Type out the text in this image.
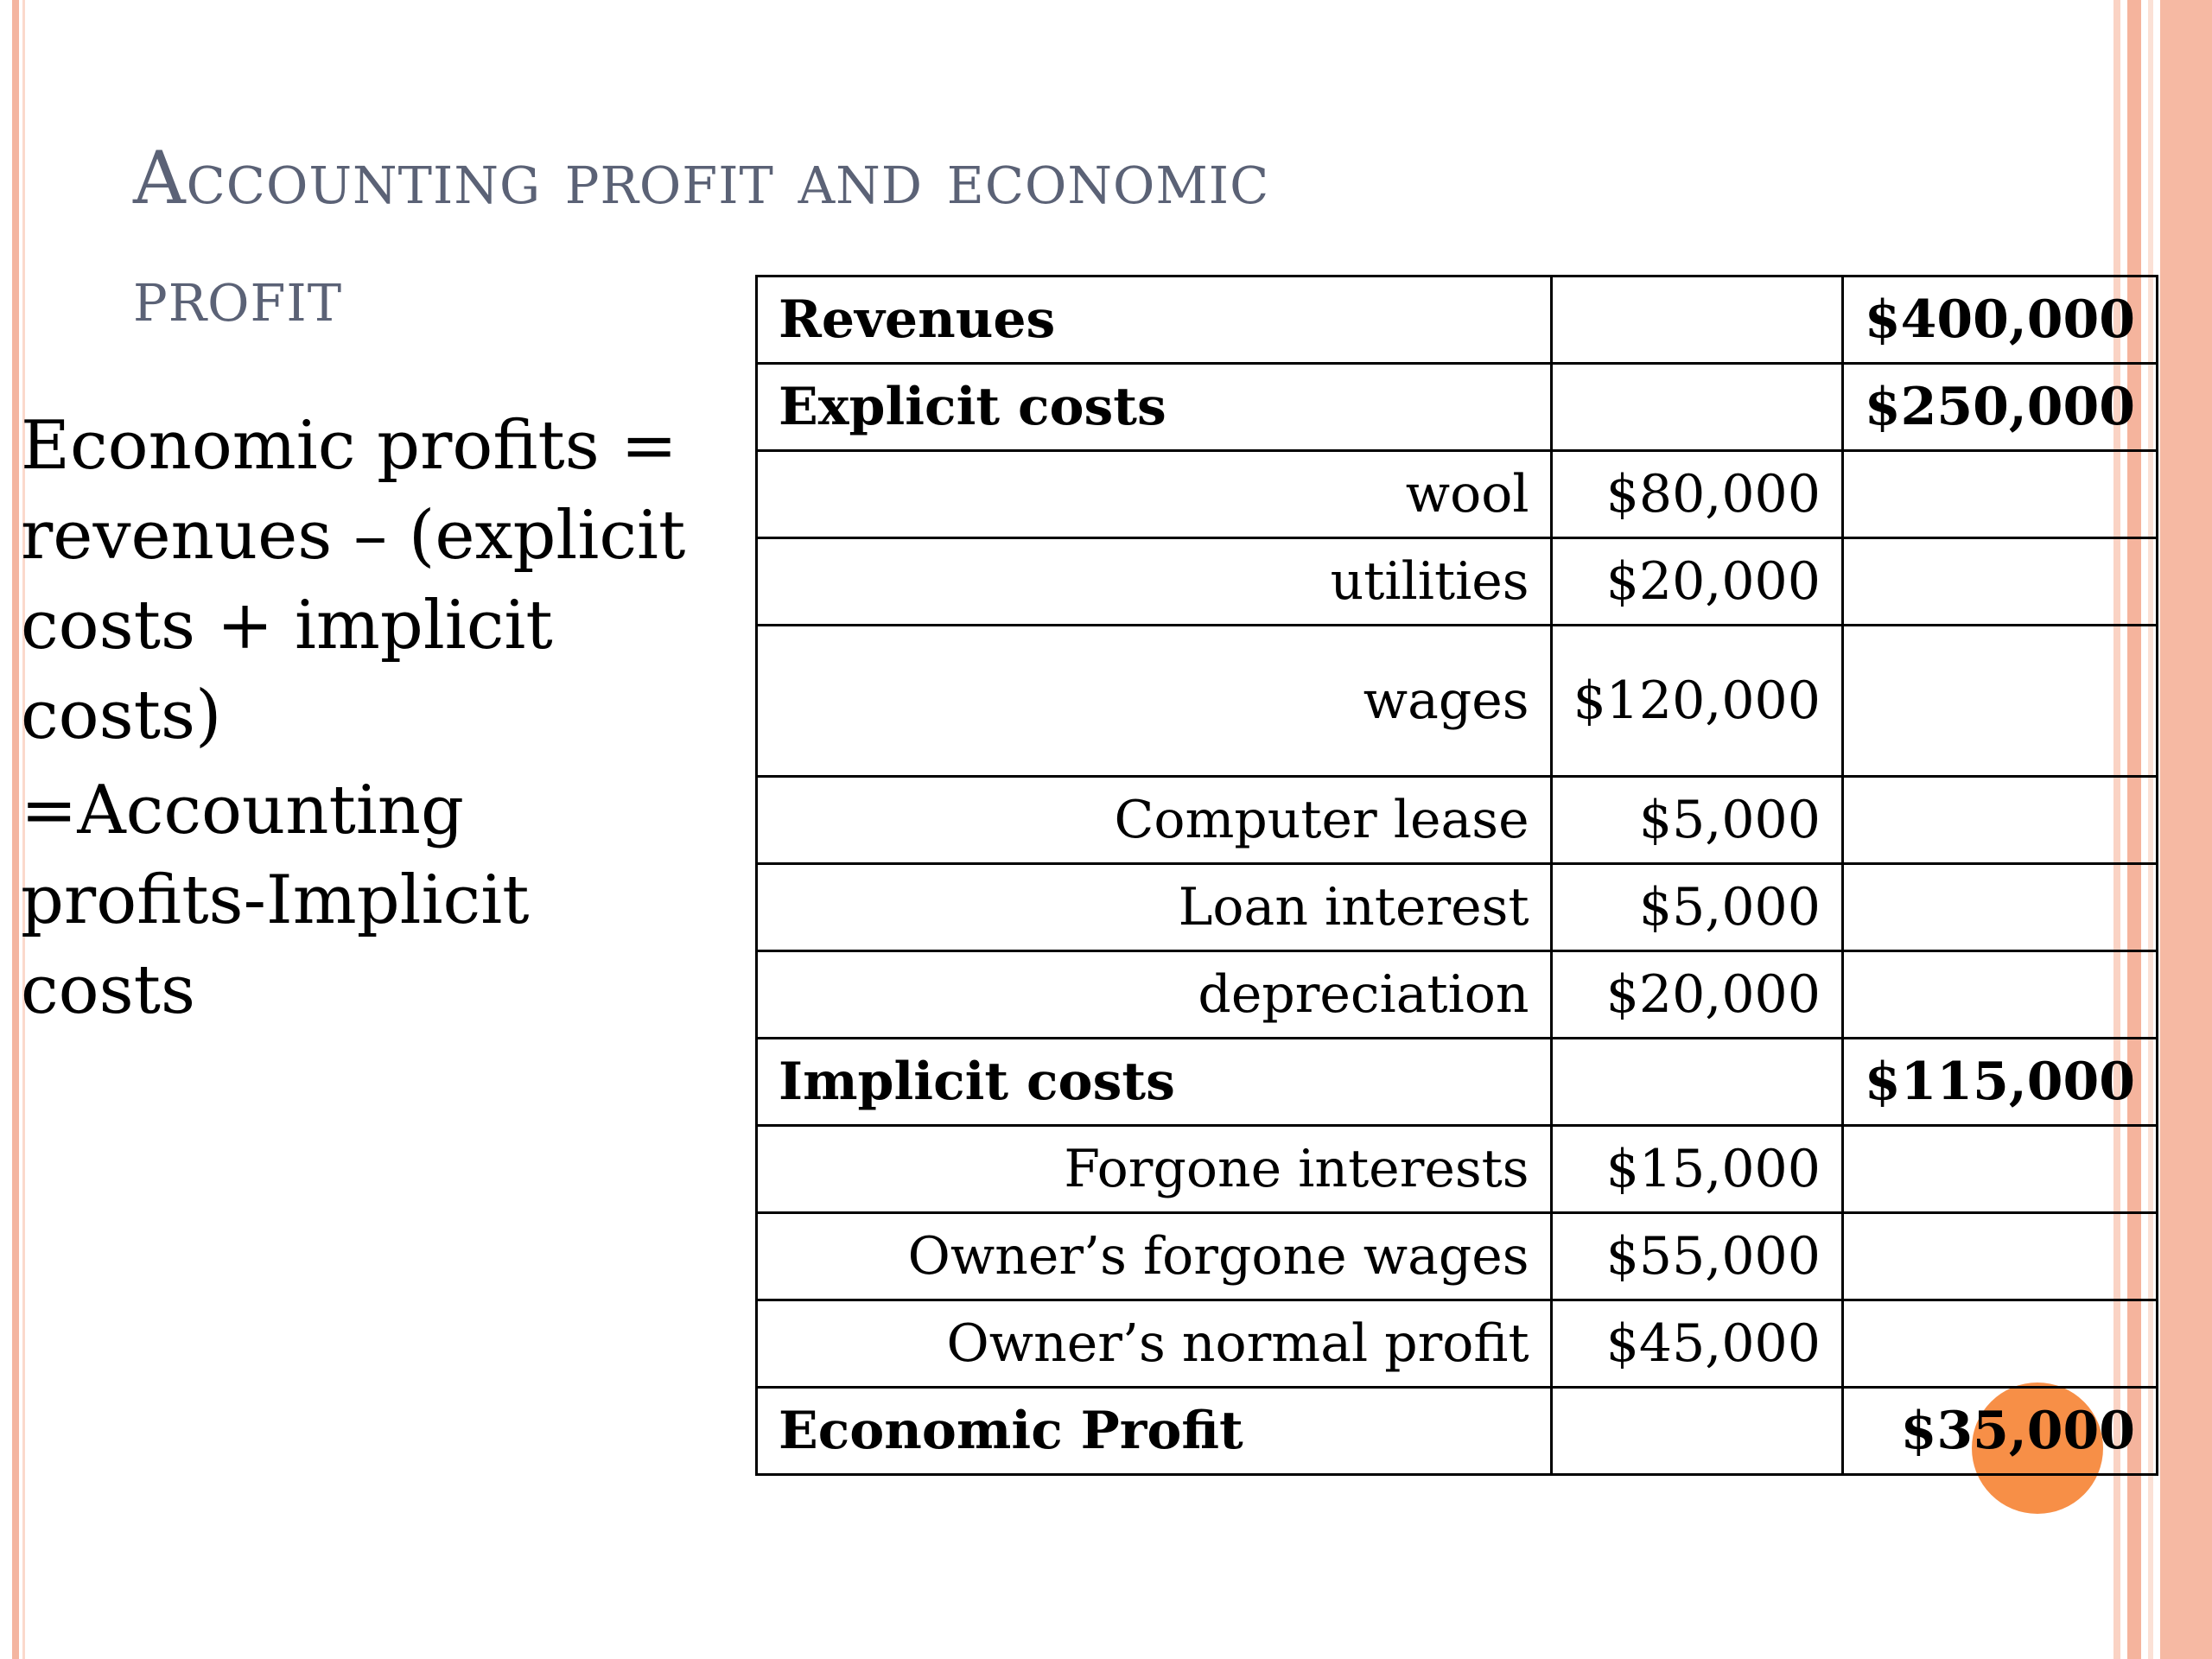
Accounting profit and economic
profit

Economic profits = revenues – (explicit costs + implicit costs)

=Accounting profits-Implicit costs

Revenues		$400,000
Explicit costs		$250,000
wool	$80,000	
utilities	$20,000	
wages	$120,000	
Computer lease	$5,000	
Loan interest	$5,000	
depreciation	$20,000	
Implicit costs		$115,000
Forgone interests	$15,000	
Owner’s forgone wages	$55,000	
Owner’s normal profit	$45,000	
Economic Profit		$35,000
